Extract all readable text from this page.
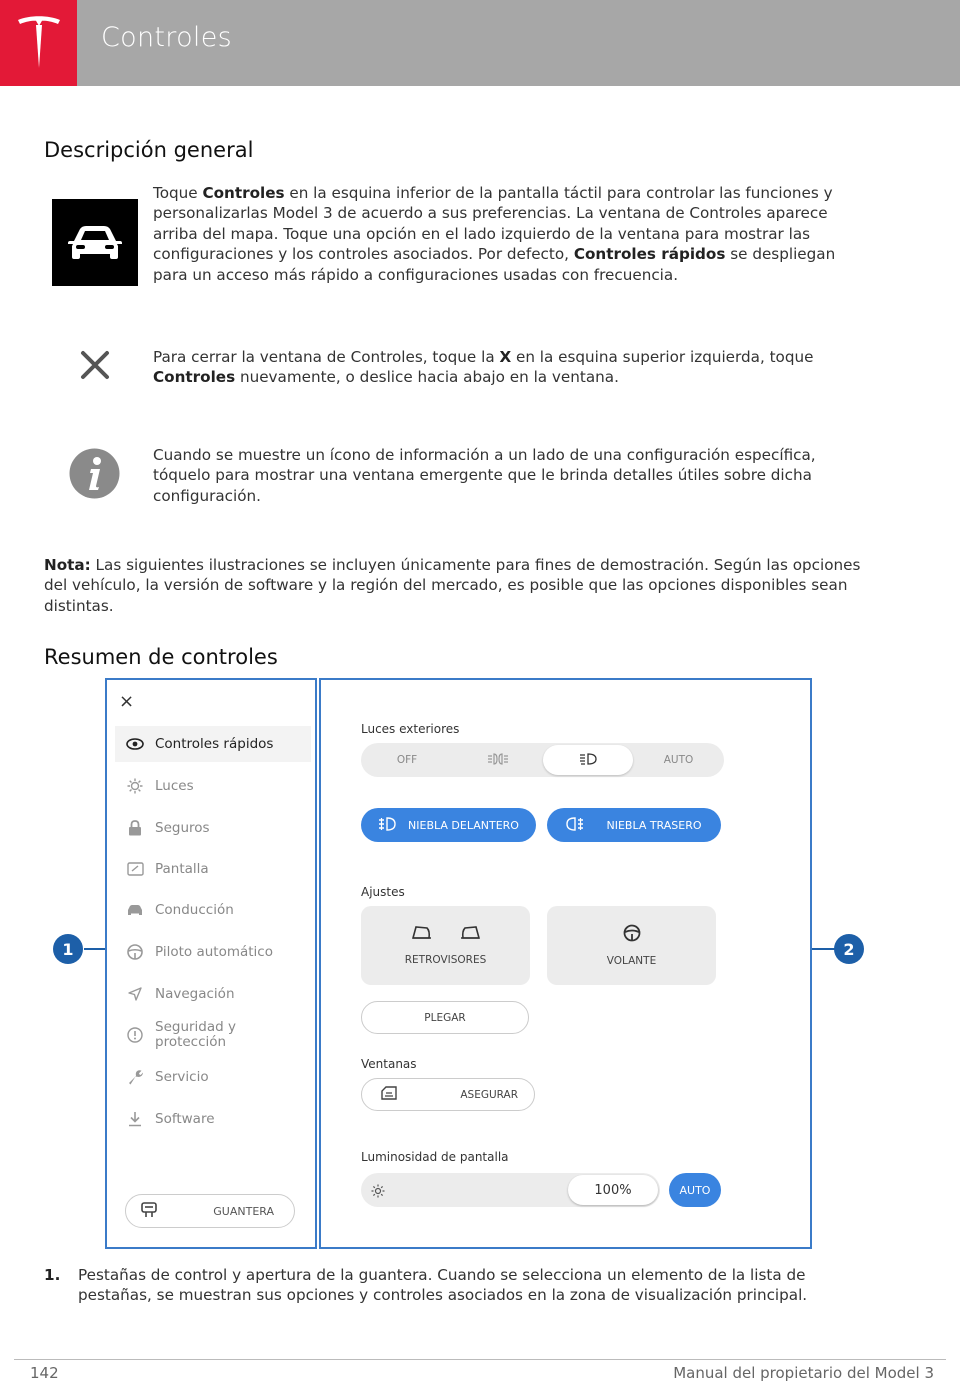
Controles
Descripción general
Toque Controles en la esquina inferior de la pantalla táctil para controlar las funciones y personalizarlas Model 3 de acuerdo a sus preferencias. La ventana de Controles aparece arriba del mapa. Toque una opción en el lado izquierdo de la ventana para mostrar las configuraciones y los controles asociados. Por defecto, Controles rápidos se despliegan para un acceso más rápido a configuraciones usadas con frecuencia.
Para cerrar la ventana de Controles, toque la X en la esquina superior izquierda, toque Controles nuevamente, o deslice hacia abajo en la ventana.
Cuando se muestre un ícono de información a un lado de una configuración específica, tóquelo para mostrar una ventana emergente que le brinda detalles útiles sobre dicha configuración.
Nota: Las siguientes ilustraciones se incluyen únicamente para fines de demostración. Según las opciones del vehículo, la versión de software y la región del mercado, es posible que las opciones disponibles sean distintas.
Resumen de controles
1	2
×
Controles rápidos
Luces
Seguros
Pantalla
Conducción
Piloto automático
Navegación
Seguridad y protección
Servicio
Software
GUANTERA
Luces exteriores
OFF	AUTO
NIEBLA DELANTERO	NIEBLA TRASERO
Ajustes
RETROVISORES	VOLANTE
PLEGAR
Ventanas
ASEGURAR
Luminosidad de pantalla
100%	AUTO
1.	Pestañas de control y apertura de la guantera. Cuando se selecciona un elemento de la lista de pestañas, se muestran sus opciones y controles asociados en la zona de visualización principal.
142	Manual del propietario del Model 3
